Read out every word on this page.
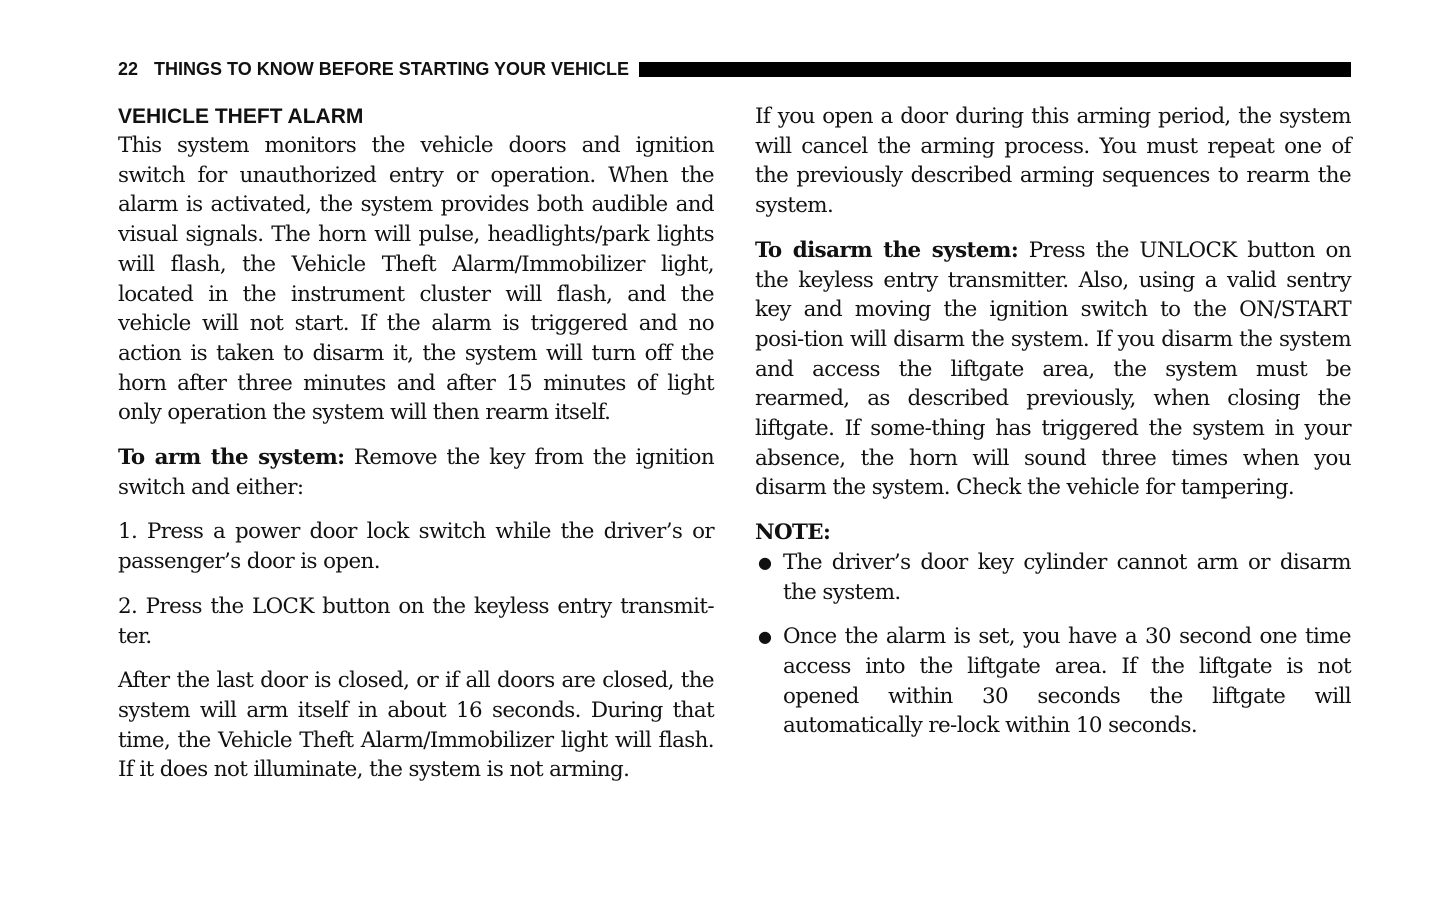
22 THINGS TO KNOW BEFORE STARTING YOUR VEHICLE
VEHICLE THEFT ALARM

This system monitors the vehicle doors and ignition switch for unauthorized entry or operation. When the alarm is activated, the system provides both audible and visual signals. The horn will pulse, headlights/park lights will flash, the Vehicle Theft Alarm/Immobilizer light, located in the instrument cluster will flash, and the vehicle will not start. If the alarm is triggered and no action is taken to disarm it, the system will turn off the horn after three minutes and after 15 minutes of light only operation the system will then rearm itself.

To arm the system: Remove the key from the ignition switch and either:

1. Press a power door lock switch while the driver’s or passenger’s door is open.

2. Press the LOCK button on the keyless entry transmit-ter.

After the last door is closed, or if all doors are closed, the system will arm itself in about 16 seconds. During that time, the Vehicle Theft Alarm/Immobilizer light will flash. If it does not illuminate, the system is not arming.

If you open a door during this arming period, the system will cancel the arming process. You must repeat one of the previously described arming sequences to rearm the system.

To disarm the system: Press the UNLOCK button on the keyless entry transmitter. Also, using a valid sentry key and moving the ignition switch to the ON/START posi-tion will disarm the system. If you disarm the system and access the liftgate area, the system must be rearmed, as described previously, when closing the liftgate. If some-thing has triggered the system in your absence, the horn will sound three times when you disarm the system. Check the vehicle for tampering.

NOTE:
● The driver’s door key cylinder cannot arm or disarm the system.
● Once the alarm is set, you have a 30 second one time access into the liftgate area. If the liftgate is not opened within 30 seconds the liftgate will automatically re-lock within 10 seconds.
